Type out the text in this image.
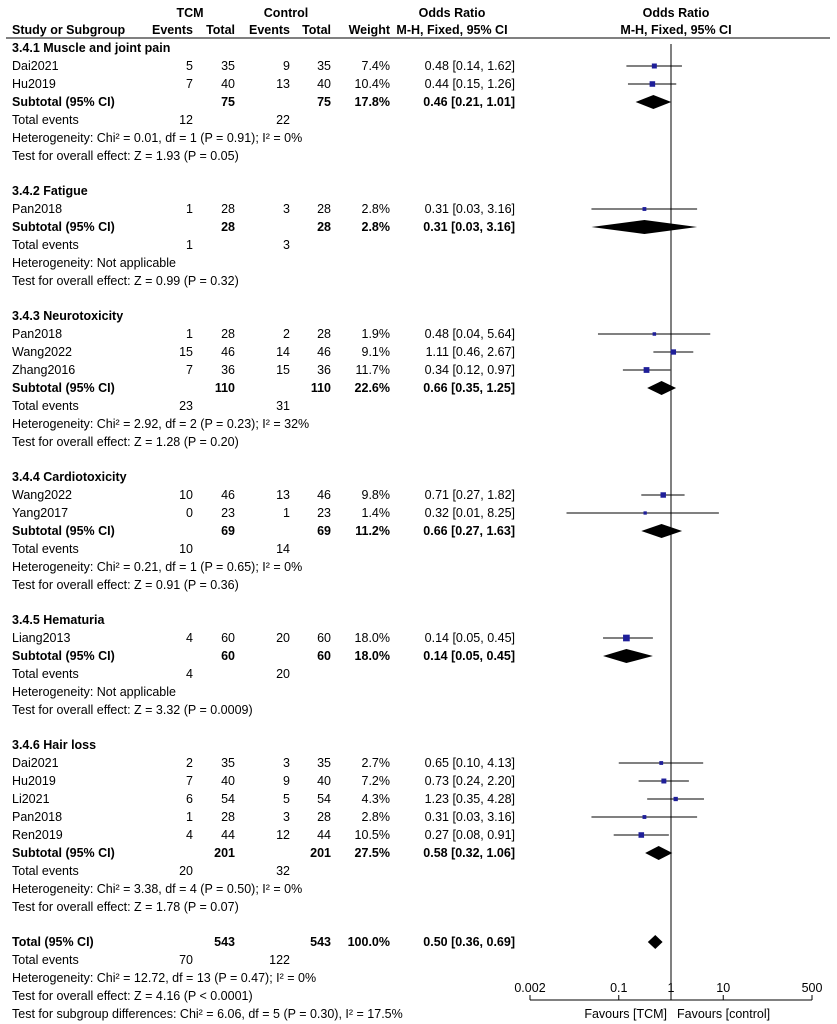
TCM	Control	Odds Ratio	Odds Ratio
Study or Subgroup Events Total Events Total Weight M-H, Fixed, 95% CI	M-H, Fixed, 95% CI
3.4.1 Muscle and joint pain
Dai2021	5 35	9 35 7.4%	0.48 [0.14, 1.62]
Hu2019	7 40	13 40 10.4%	0.44 [0.15, 1.26]
Subtotal (95% CI)	75	75 17.8%	0.46 [0.21, 1.01]
Total events	12	22
Heterogeneity: Chi² = 0.01, df = 1 (P = 0.91); I² = 0%
Test for overall effect: Z = 1.93 (P = 0.05)
3.4.2 Fatigue
Pan2018	1 28	3 28 2.8%	0.31 [0.03, 3.16]
Subtotal (95% CI)	28	28 2.8%	0.31 [0.03, 3.16]
Total events	1	3
Heterogeneity: Not applicable
Test for overall effect: Z = 0.99 (P = 0.32)
3.4.3 Neurotoxicity
Pan2018	1 28	2 28 1.9%	0.48 [0.04, 5.64]
Wang2022	15 46	14 46 9.1%	1.11 [0.46, 2.67]
Zhang2016	7 36	15 36 11.7%	0.34 [0.12, 0.97]
Subtotal (95% CI)	110	110 22.6%	0.66 [0.35, 1.25]
Total events	23	31
Heterogeneity: Chi² = 2.92, df = 2 (P = 0.23); I² = 32%
Test for overall effect: Z = 1.28 (P = 0.20)
3.4.4 Cardiotoxicity
Wang2022	10 46	13 46 9.8%	0.71 [0.27, 1.82]
Yang2017	0 23	1 23 1.4%	0.32 [0.01, 8.25]
Subtotal (95% CI)	69	69 11.2%	0.66 [0.27, 1.63]
Total events	10	14
Heterogeneity: Chi² = 0.21, df = 1 (P = 0.65); I² = 0%
Test for overall effect: Z = 0.91 (P = 0.36)
3.4.5 Hematuria
Liang2013	4 60	20 60 18.0%	0.14 [0.05, 0.45]
Subtotal (95% CI)	60	60 18.0%	0.14 [0.05, 0.45]
Total events	4	20
Heterogeneity: Not applicable
Test for overall effect: Z = 3.32 (P = 0.0009)
3.4.6 Hair loss
Dai2021	2 35	3 35 2.7%	0.65 [0.10, 4.13]
Hu2019	7 40	9 40 7.2%	0.73 [0.24, 2.20]
Li2021	6 54	5 54 4.3%	1.23 [0.35, 4.28]
Pan2018	1 28	3 28 2.8%	0.31 [0.03, 3.16]
Ren2019	4 44	12 44 10.5%	0.27 [0.08, 0.91]
Subtotal (95% CI)	201	201 27.5%	0.58 [0.32, 1.06]
Total events	20	32
Heterogeneity: Chi² = 3.38, df = 4 (P = 0.50); I² = 0%
Test for overall effect: Z = 1.78 (P = 0.07)
Total (95% CI)	543	543 100.0%	0.50 [0.36, 0.69]
Total events	70	122
Heterogeneity: Chi² = 12.72, df = 13 (P = 0.47); I² = 0%
Test for overall effect: Z = 4.16 (P < 0.0001)
Test for subgroup differences: Chi² = 6.06, df = 5 (P = 0.30), I² = 17.5%
0.002	0.1	1	10	500
Favours [TCM] Favours [control]
